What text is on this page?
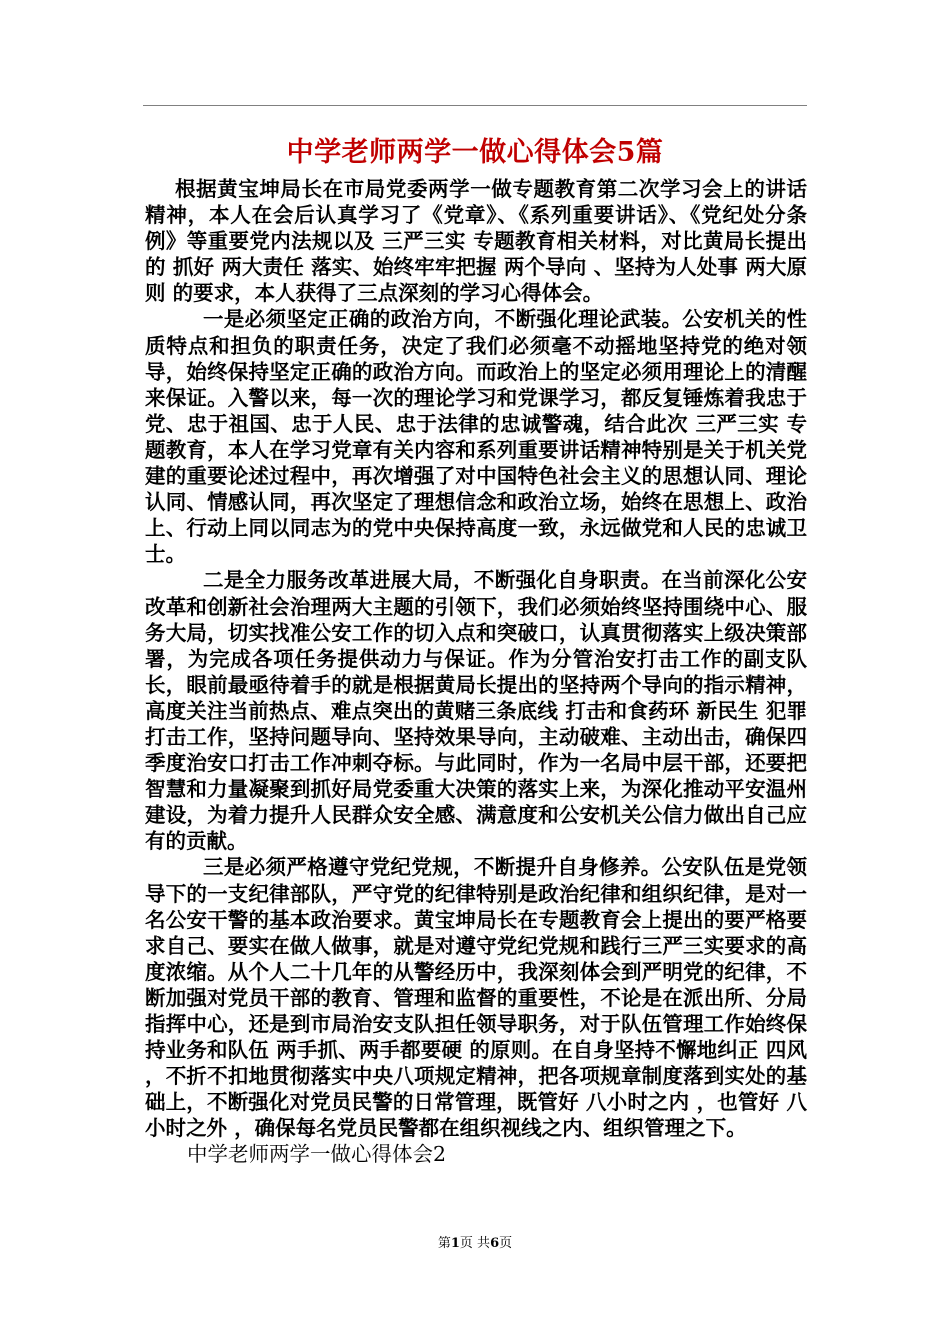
中学老师两学一做心得体会5篇

根据黄宝坤局长在市局党委两学一做专题教育第二次学习会上的讲话精神，本人在会后认真学习了《党章》、《系列重要讲话》、《党纪处分条例》等重要党内法规以及 三严三实 专题教育相关材料，对比黄局长提出的 抓好 两大责任 落实、始终牢牢把握 两个导向 、坚持为人处事 两大原则 的要求，本人获得了三点深刻的学习心得体会。

一是必须坚定正确的政治方向，不断强化理论武装。公安机关的性质特点和担负的职责任务，决定了我们必须毫不动摇地坚持党的绝对领导，始终保持坚定正确的政治方向。而政治上的坚定必须用理论上的清醒来保证。入警以来，每一次的理论学习和党课学习，都反复锤炼着我忠于党、忠于祖国、忠于人民、忠于法律的忠诚警魂，结合此次 三严三实 专题教育，本人在学习党章有关内容和系列重要讲话精神特别是关于机关党建的重要论述过程中，再次增强了对中国特色社会主义的思想认同、理论认同、情感认同，再次坚定了理想信念和政治立场，始终在思想上、政治上、行动上同以同志为的党中央保持高度一致，永远做党和人民的忠诚卫士。

二是全力服务改革进展大局，不断强化自身职责。在当前深化公安改革和创新社会治理两大主题的引领下，我们必须始终坚持围绕中心、服务大局，切实找准公安工作的切入点和突破口，认真贯彻落实上级决策部署，为完成各项任务提供动力与保证。作为分管治安打击工作的副支队长，眼前最亟待着手的就是根据黄局长提出的坚持两个导向的指示精神，高度关注当前热点、难点突出的黄赌三条底线 打击和食药环 新民生 犯罪打击工作，坚持问题导向、坚持效果导向，主动破难、主动出击，确保四季度治安口打击工作冲刺夺标。与此同时，作为一名局中层干部，还要把智慧和力量凝聚到抓好局党委重大决策的落实上来，为深化推动平安温州建设，为着力提升人民群众安全感、满意度和公安机关公信力做出自己应有的贡献。

三是必须严格遵守党纪党规，不断提升自身修养。公安队伍是党领导下的一支纪律部队，严守党的纪律特别是政治纪律和组织纪律，是对一名公安干警的基本政治要求。黄宝坤局长在专题教育会上提出的要严格要求自己、要实在做人做事，就是对遵守党纪党规和践行三严三实要求的高度浓缩。从个人二十几年的从警经历中，我深刻体会到严明党的纪律，不断加强对党员干部的教育、管理和监督的重要性，不论是在派出所、分局指挥中心，还是到市局治安支队担任领导职务，对于队伍管理工作始终保持业务和队伍 两手抓、两手都要硬 的原则。在自身坚持不懈地纠正 四风 ，不折不扣地贯彻落实中央八项规定精神，把各项规章制度落到实处的基础上，不断强化对党员民警的日常管理，既管好 八小时之内 ，也管好 八小时之外 ，确保每名党员民警都在组织视线之内、组织管理之下。

中学老师两学一做心得体会2

第1页 共6页
